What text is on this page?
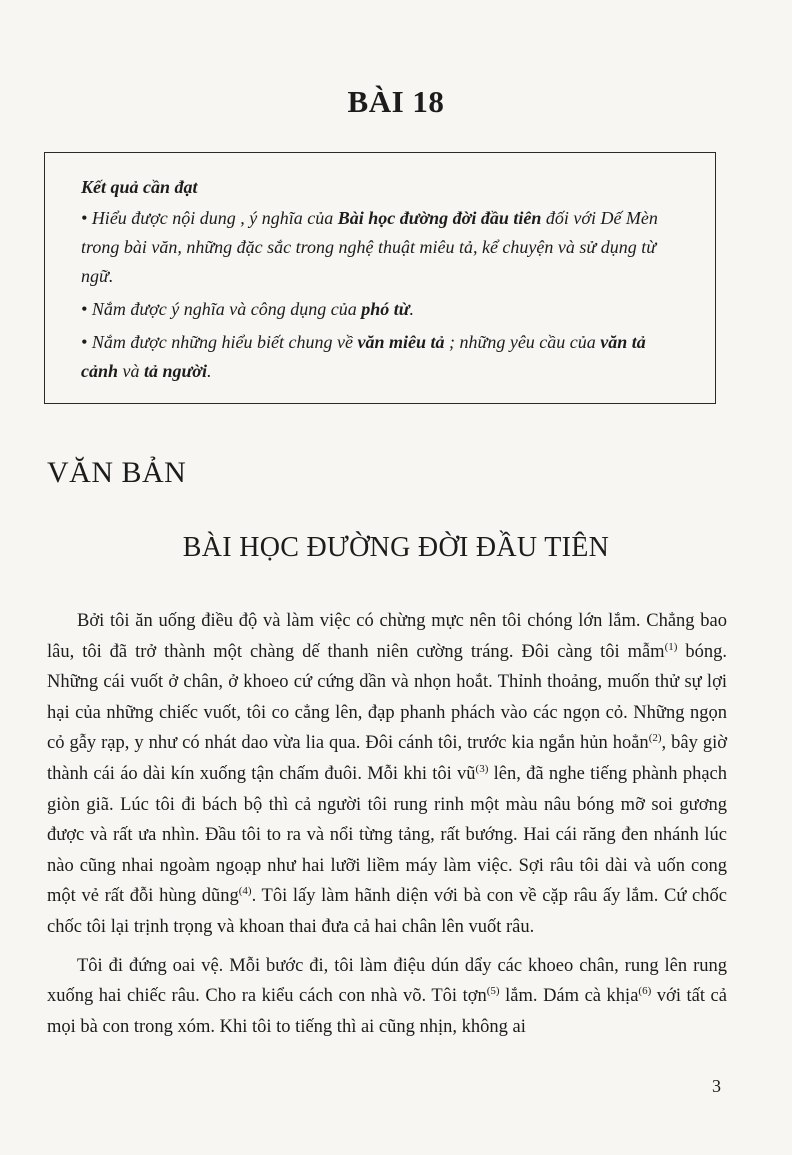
BÀI 18
Kết quả cần đạt
• Hiểu được nội dung , ý nghĩa của Bài học đường đời đầu tiên đối với Dế Mèn trong bài văn, những đặc sắc trong nghệ thuật miêu tả, kể chuyện và sử dụng từ ngữ.
• Nắm được ý nghĩa và công dụng của phó từ.
• Nắm được những hiểu biết chung về văn miêu tả ; những yêu cầu của văn tả cảnh và tả người.
VĂN BẢN
BÀI HỌC ĐƯỜNG ĐỜI ĐẦU TIÊN

Bởi tôi ăn uống điều độ và làm việc có chừng mực nên tôi chóng lớn lắm. Chẳng bao lâu, tôi đã trở thành một chàng dế thanh niên cường tráng. Đôi càng tôi mẫm$^{(1)}$ bóng. Những cái vuốt ở chân, ở khoeo cứ cứng dần và nhọn hoắt. Thỉnh thoảng, muốn thử sự lợi hại của những chiếc vuốt, tôi co cẳng lên, đạp phanh phách vào các ngọn cỏ. Những ngọn cỏ gẫy rạp, y như có nhát dao vừa lia qua. Đôi cánh tôi, trước kia ngắn hủn hoẳn$^{(2)}$, bây giờ thành cái áo dài kín xuống tận chấm đuôi. Mỗi khi tôi $vũ^{(3)}$ lên, đã nghe tiếng phành phạch giòn giã. Lúc tôi đi bách bộ thì cả người tôi rung rinh một màu nâu bóng mỡ soi gương được và rất ưa nhìn. Đầu tôi to ra và nổi từng tảng, rất bướng. Hai cái răng đen nhánh lúc nào cũng nhai ngoàm ngoạp như hai lưỡi liềm máy làm việc. Sợi râu tôi dài và uốn cong một vẻ rất đỗi hùng dũng$^{(4)}$. Tôi lấy làm hãnh diện với bà con về cặp râu ấy lắm. Cứ chốc chốc tôi lại trịnh trọng và khoan thai đưa cả hai chân lên vuốt râu.

Tôi đi đứng oai vệ. Mỗi bước đi, tôi làm điệu dún dẩy các khoeo chân, rung lên rung xuống hai chiếc râu. Cho ra kiểu cách con nhà võ. Tôi tợn$^{(5)}$ lắm. Dám cà khịa$^{(6)}$ với tất cả mọi bà con trong xóm. Khi tôi to tiếng thì ai cũng nhịn, không ai

3
